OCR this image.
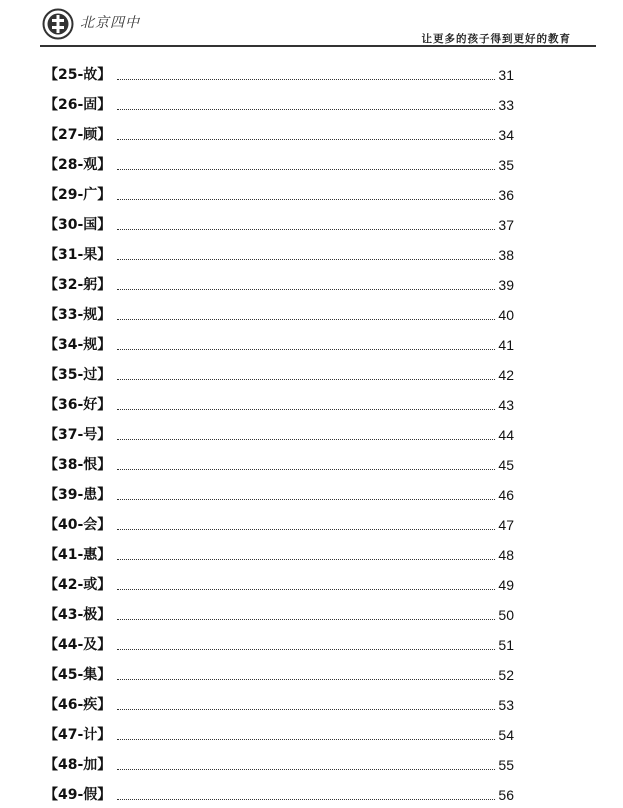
北京四中
让更多的孩子得到更好的教育
【25-故】	31
【26-固】	33
【27-顾】	34
【28-观】	35
【29-广】	36
【30-国】	37
【31-果】	38
【32-躬】	39
【33-规】	40
【34-规】	41
【35-过】	42
【36-好】	43
【37-号】	44
【38-恨】	45
【39-患】	46
【40-会】	47
【41-惠】	48
【42-或】	49
【43-极】	50
【44-及】	51
【45-集】	52
【46-疾】	53
【47-计】	54
【48-加】	55
【49-假】	56
